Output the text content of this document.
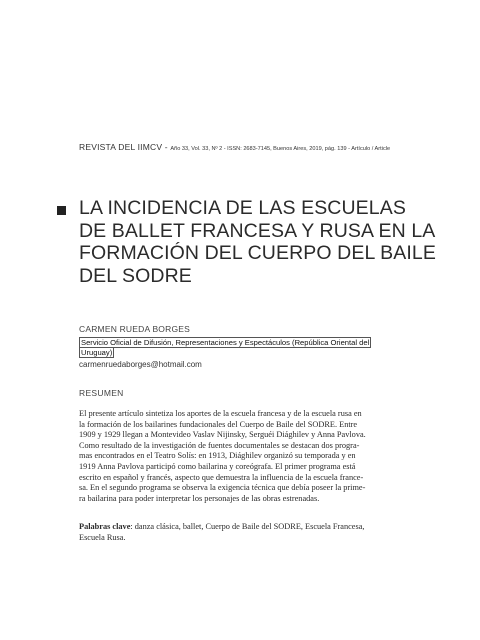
REVISTA DEL IIMCV - Año 33, Vol. 33, Nº 2 - ISSN: 2683-7145, Buenos Aires, 2019, pág. 139 - Artículo / Article
LA INCIDENCIA DE LAS ESCUELAS
DE BALLET FRANCESA Y RUSA EN LA
FORMACIÓN DEL CUERPO DEL BAILE
DEL SODRE
CARMEN RUEDA BORGES
Servicio Oficial de Difusión, Representaciones y Espectáculos (República Oriental del
Uruguay)
carmenruedaborges@hotmail.com
RESUMEN
El presente artículo sintetiza los aportes de la escuela francesa y de la escuela rusa en
la formación de los bailarines fundacionales del Cuerpo de Baile del SODRE. Entre
1909 y 1929 llegan a Montevideo Vaslav Nijinsky, Serguéi Diághilev y Anna Pavlova.
Como resultado de la investigación de fuentes documentales se destacan dos progra-
mas encontrados en el Teatro Solís: en 1913, Diághilev organizó su temporada y en
1919 Anna Pavlova participó como bailarina y coreógrafa. El primer programa está
escrito en español y francés, aspecto que demuestra la influencia de la escuela france-
sa. En el segundo programa se observa la exigencia técnica que debía poseer la prime-
ra bailarina para poder interpretar los personajes de las obras estrenadas.
Palabras clave: danza clásica, ballet, Cuerpo de Baile del SODRE, Escuela Francesa,
Escuela Rusa.
